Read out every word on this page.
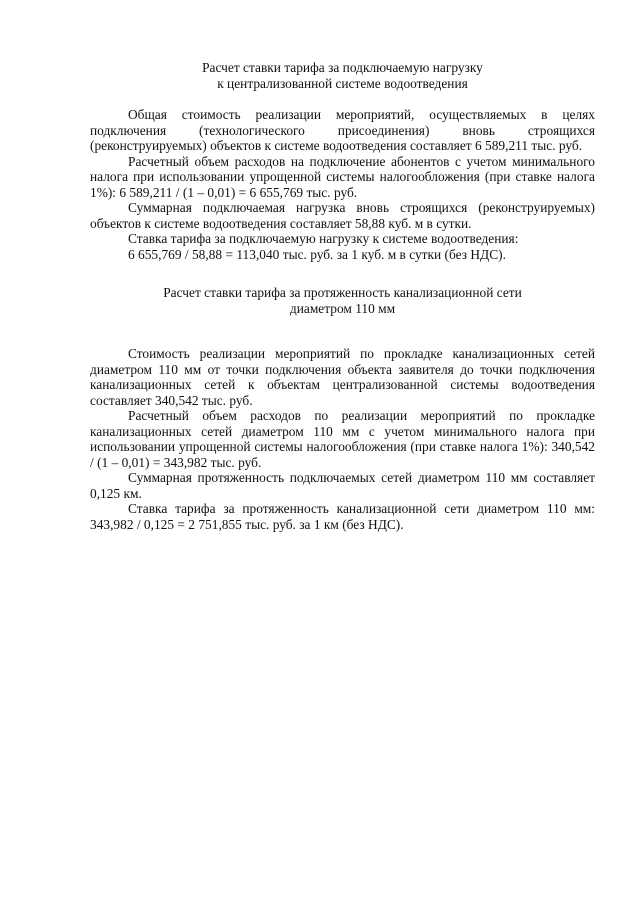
Расчет ставки тарифа за подключаемую нагрузку
к централизованной системе водоотведения

Общая стоимость реализации мероприятий, осуществляемых в целях подключения (технологического присоединения) вновь строящихся (реконструируемых) объектов к системе водоотведения составляет 6 589,211 тыс. руб.

Расчетный объем расходов на подключение абонентов с учетом минимального налога при использовании упрощенной системы налогообложения (при ставке налога 1%): 6 589,211 / (1 – 0,01) = 6 655,769 тыс. руб.

Суммарная подключаемая нагрузка вновь строящихся (реконструируемых) объектов к системе водоотведения составляет 58,88 куб. м в сутки.

Ставка тарифа за подключаемую нагрузку к системе водоотведения:

6 655,769 / 58,88 = 113,040 тыс. руб. за 1 куб. м в сутки (без НДС).

Расчет ставки тарифа за протяженность канализационной сети
диаметром 110 мм

Стоимость реализации мероприятий по прокладке канализационных сетей диаметром 110 мм от точки подключения объекта заявителя до точки подключения канализационных сетей к объектам централизованной системы водоотведения составляет 340,542 тыс. руб.

Расчетный объем расходов по реализации мероприятий по прокладке канализационных сетей диаметром 110 мм с учетом минимального налога при использовании упрощенной системы налогообложения (при ставке налога 1%): 340,542 / (1 – 0,01) = 343,982 тыс. руб.

Суммарная протяженность подключаемых сетей диаметром 110 мм составляет 0,125 км.

Ставка тарифа за протяженность канализационной сети диаметром 110 мм: 343,982 / 0,125 = 2 751,855 тыс. руб. за 1 км (без НДС).
